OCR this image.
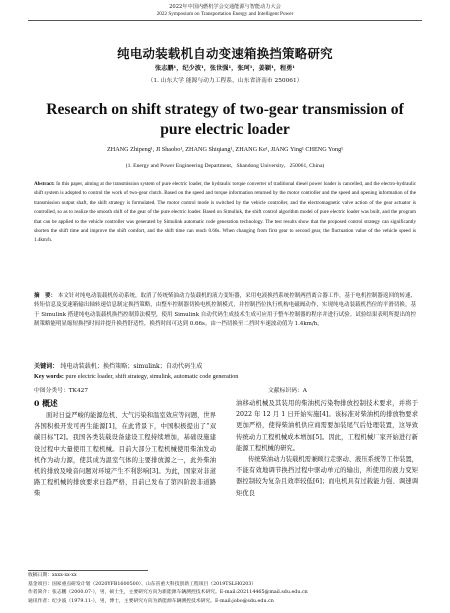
2022年中国内燃机学会交通能源与智能动力大会
2022 Symposium on Transportation Energy and Intelligent Power
纯电动装载机自动变速箱换挡策略研究
张志鹏¹，纪少波¹，张世强¹，张珂¹，姜颖¹，程勇¹
（1. 山东大学 能源与动力工程系，山东省济南市 250061）
Research on shift strategy of two-gear transmission of
pure electric loader
ZHANG Zhipeng¹, JI Shaobo¹, ZHANG Shiqiang¹, ZHANG Ke¹, JIANG Ying¹ CHENG Yong¹
(1. Energy and Power Engineering Department，Shandong University，250061, China)
Abstract: In this paper, aiming at the transmission system of pure electric loader, the hydraulic torque converter of traditional diesel power loader is cancelled, and the electro-hydraulic shift system is adopted to control the work of two-gear clutch. Based on the speed and torque information returned by the motor controller and the speed and opening information of the transmission output shaft, the shift strategy is formulated. The motor control mode is switched by the vehicle controller, and the electromagnetic valve action of the gear actuator is controlled, so as to realize the smooth shift of the gear of the pure electric loader. Based on Simulink, the shift control algorithm model of pure electric loader was built, and the program that can be applied to the vehicle controller was generated by Simulink automatic code generation technology. The test results show that the proposed control strategy can significantly shorten the shift time and improve the shift comfort, and the shift time can reach 0.66s. When changing from first gear to second gear, the fluctuation value of the vehicle speed is 1.4km/h.
摘　要： 本文针对纯电动装载机传动系统，取消了传统柴油动力装载机的液力变矩器，采用电液换挡系统控制两挡离合器工作。基于电机控制器返回的转速、转矩信息及变速箱输出轴转速信息制定换挡策略，由整车控制器切换电机控制模式，并控制挡位执行机构电磁阀动作，实现纯电动装载机挡位的平滑切换。基于 Simulink 搭建纯电动装载机换挡控制算法模型，使用 Simulink 自动代码生成技术生成可应用于整车控制器的程序并进行试验。试验结果表明所提出的控制策略能明显缩短换挡时间并提升换挡舒适性，换挡时间可达到 0.66s。由一挡切换至二挡时车速波动值为 1.4km/h。
关键词： 纯电动装载机；换挡策略；simulink；自动代码生成
Key words: pure electric loader, shift strategy, simulink, automatic code generation
中图分类号：TK427	文献标识码：A
0 概述
面对日益严峻的能源危机、大气污染和温室效应等问题，世界各国积极开发可再生能源[1]，在此背景下，中国积极提出了“双碳目标”[2]。我国各类装载设备建设工程持续增加，基础设施建设过程中大量使用工程机械。目前大部分工程机械使用柴油发动机作为动力源，使其成为温室气体的主要排放源之一，此外柴油机的排放及噪音问题对环境产生不利影响[3]。为此，国家对非道路工程机械的排放要求日趋严格，目前已发布了第四阶段非道路柴
油移动机械及其装用的柴油机污染物排放控制技术要求，并将于 2022 年 12 月 1 日开始实施[4]。该标准对柴油机的排放物要求更加严格，使得柴油机供应商需要加装尾气后处理装置，这导致传统动力工程机械成本增加[5]。因此，工程机械厂家开始进行新能源工程机械的研究。
传统柴油动力装载机需兼顾行走驱动、液压系统等工作装置，不能有效地调节换挡过程中驱动单元的输出，所使用的液力变矩器控制较为复杂且效率较低[6]；而电机具有过载能力强、调速调矩优良
收稿日期：xxxx-xx-xx
基金项目：国家重点研发计划（2020YFB1600500）、山东省重大科技创新工程项目（2019TSLH0203）
作者简介：张志鹏（2000.07-），男，硕士生，主要研究方向为新能源车辆测控技术研究。E-mail:202114465@mail.sdu.edu.cn
通讯作者：纪少波（1979.11-），男，博士，主要研究方向为新能源车辆测控技术研究。E-mail:jobo@sdu.edu.cn
